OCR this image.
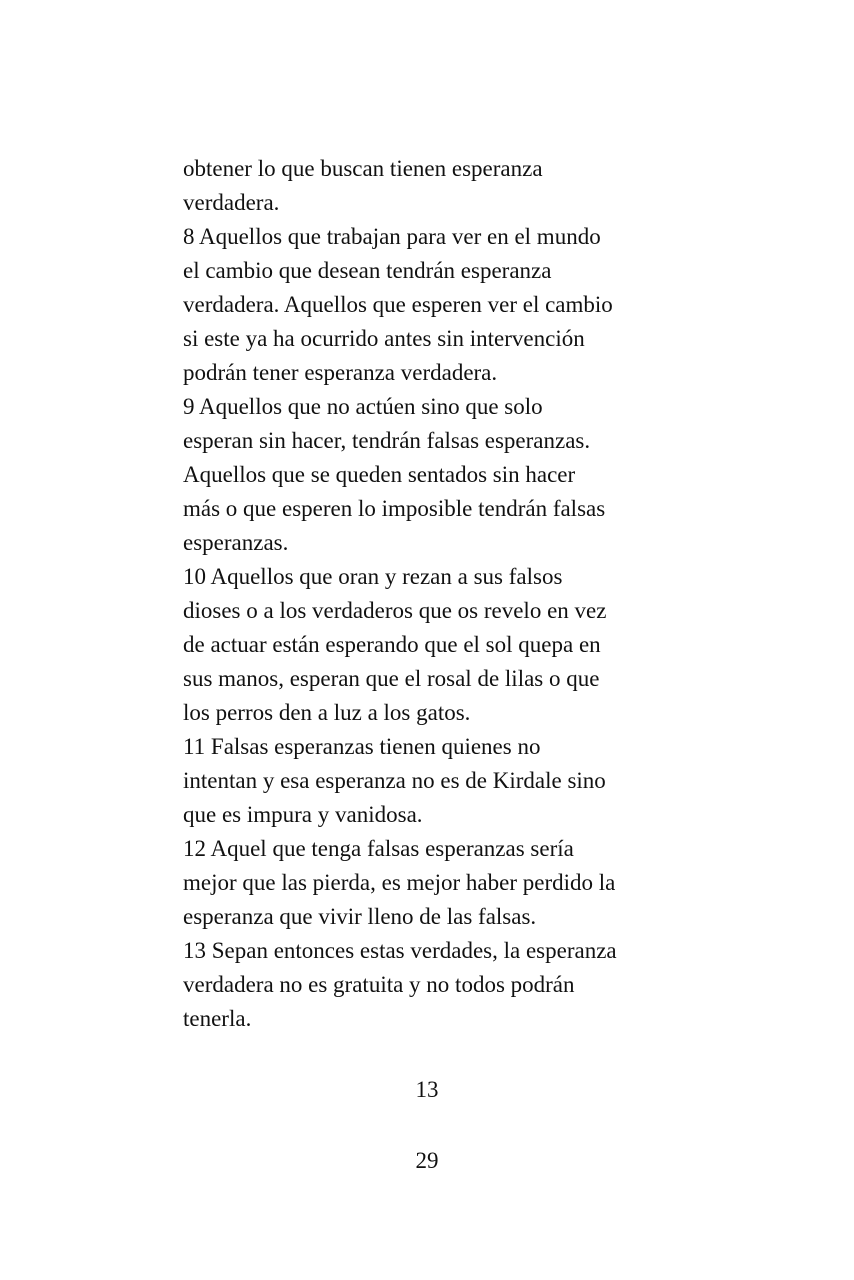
obtener lo que buscan tienen esperanza
verdadera.
8 Aquellos que trabajan para ver en el mundo
el cambio que desean tendrán esperanza
verdadera. Aquellos que esperen ver el cambio
si este ya ha ocurrido antes sin intervención
podrán tener esperanza verdadera.
9 Aquellos que no actúen sino que solo
esperan sin hacer, tendrán falsas esperanzas.
Aquellos que se queden sentados sin hacer
más o que esperen lo imposible tendrán falsas
esperanzas.
10 Aquellos que oran y rezan a sus falsos
dioses o a los verdaderos que os revelo en vez
de actuar están esperando que el sol quepa en
sus manos, esperan que el rosal de lilas o que
los perros den a luz a los gatos.
11 Falsas esperanzas tienen quienes no
intentan y esa esperanza no es de Kirdale sino
que es impura y vanidosa.
12 Aquel que tenga falsas esperanzas sería
mejor que las pierda, es mejor haber perdido la
esperanza que vivir lleno de las falsas.
13 Sepan entonces estas verdades, la esperanza
verdadera no es gratuita y no todos podrán
tenerla.
13
29
